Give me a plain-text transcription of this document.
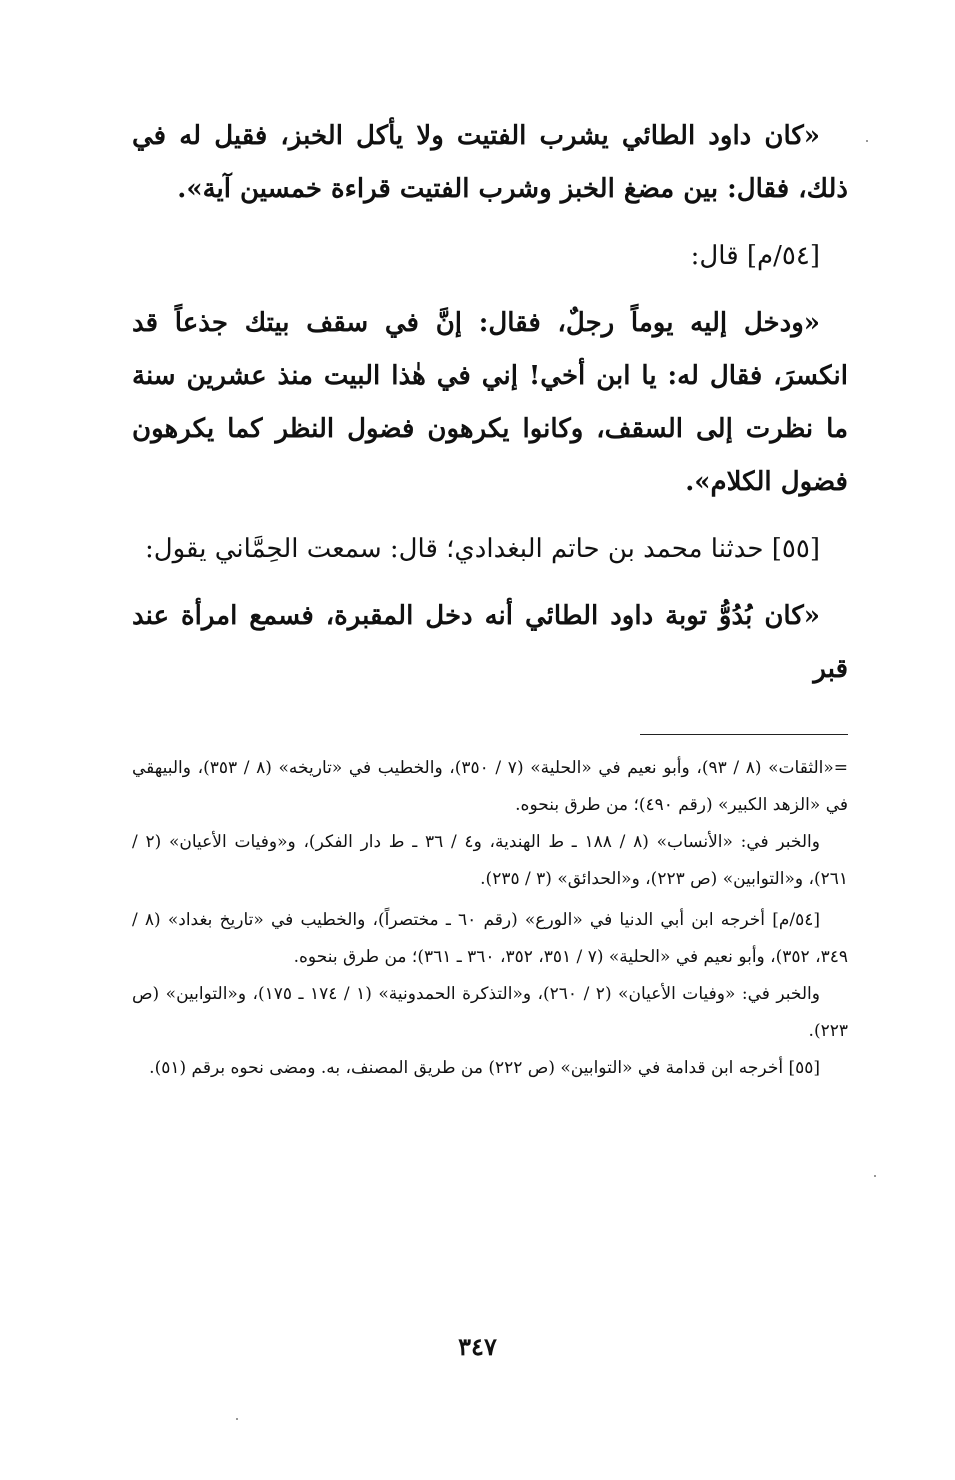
«كان داود الطائي يشرب الفتيت ولا يأكل الخبز، فقيل له في ذلك، فقال: بين مضغ الخبز وشرب الفتيت قراءة خمسين آية».

[٥٤/م] قال:

«ودخل إليه يوماً رجلٌ، فقال: إنَّ في سقف بيتك جذعاً قد انكسرَ، فقال له: يا ابن أخي! إني في هٰذا البيت منذ عشرين سنة ما نظرت إلى السقف، وكانوا يكرهون فضول النظر كما يكرهون فضول الكلام».

[٥٥] حدثنا محمد بن حاتم البغدادي؛ قال: سمعت الحِمَّاني يقول:

«كان بُدُوُّ توبة داود الطائي أنه دخل المقبرة، فسمع امرأة عند قبر

=«الثقات» (٨ / ٩٣)، وأبو نعيم في «الحلية» (٧ / ٣٥٠)، والخطيب في «تاريخه» (٨ / ٣٥٣)، والبيهقي في «الزهد الكبير» (رقم ٤٩٠)؛ من طرق بنحوه.

والخبر في: «الأنساب» (٨ / ١٨٨ ـ ط الهندية، و٤ / ٣٦ ـ ط دار الفكر)، و«وفيات الأعيان» (٢ / ٢٦١)، و«التوابين» (ص ٢٢٣)، و«الحدائق» (٣ / ٢٣٥).

[٥٤/م] أخرجه ابن أبي الدنيا في «الورع» (رقم ٦٠ ـ مختصراً)، والخطيب في «تاريخ بغداد» (٨ / ٣٤٩، ٣٥٢)، وأبو نعيم في «الحلية» (٧ / ٣٥١، ٣٥٢، ٣٦٠ ـ ٣٦١)؛ من طرق بنحوه.

والخبر في: «وفيات الأعيان» (٢ / ٢٦٠)، و«التذكرة الحمدونية» (١ / ١٧٤ ـ ١٧٥)، و«التوابين» (ص ٢٢٣).

[٥٥] أخرجه ابن قدامة في «التوابين» (ص ٢٢٢) من طريق المصنف، به. ومضى نحوه برقم (٥١).

٣٤٧
